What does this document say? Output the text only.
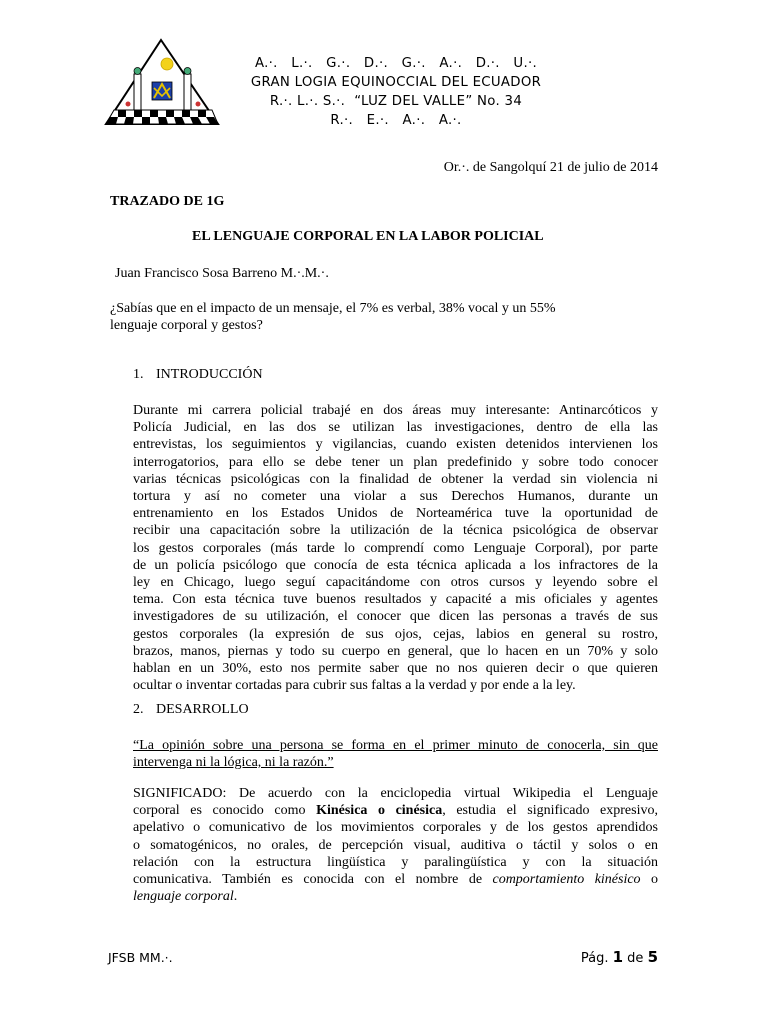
A.·.   L.·.   G.·.   D.·.   G.·.   A.·.   D.·.   U.·.
GRAN LOGIA EQUINOCCIAL DEL ECUADOR
R.·. L.·. S.·.  “LUZ DEL VALLE” No. 34
R.·.   E.·.   A.·.   A.·.
Or.·. de Sangolquí 21 de julio de 2014
TRAZADO DE 1G
EL LENGUAJE CORPORAL EN LA LABOR POLICIAL
Juan Francisco Sosa Barreno M.·.M.·.
¿Sabías que en el impacto de un mensaje, el 7% es verbal, 38% vocal y un 55%
lenguaje corporal y gestos?
1. INTRODUCCIÓN
Durante mi carrera policial trabajé en dos áreas muy interesante: Antinarcóticos y
Policía Judicial, en las dos se utilizan las investigaciones, dentro de ella las
entrevistas, los seguimientos y vigilancias, cuando existen detenidos intervienen los
interrogatorios, para ello se debe tener un plan predefinido y sobre todo conocer
varias técnicas psicológicas con la finalidad de obtener la verdad sin violencia ni
tortura y así no cometer una violar a sus Derechos Humanos, durante un
entrenamiento en los Estados Unidos de Norteamérica tuve la oportunidad de
recibir una capacitación sobre la utilización de la técnica psicológica de observar
los gestos corporales (más tarde lo comprendí como Lenguaje Corporal), por parte
de un policía psicólogo que conocía de esta técnica aplicada a los infractores de la
ley en Chicago, luego seguí capacitándome con otros cursos y leyendo sobre el
tema. Con esta técnica tuve buenos resultados y capacité a mis oficiales y agentes
investigadores de su utilización, el conocer que dicen las personas a través de sus
gestos corporales (la expresión de sus ojos, cejas, labios en general su rostro,
brazos, manos, piernas y todo su cuerpo en general, que lo hacen en un 70% y solo
hablan en un 30%, esto nos permite saber que no nos quieren decir o que quieren
ocultar o inventar cortadas para cubrir sus faltas a la verdad y por ende a la ley.
2. DESARROLLO
“La opinión sobre una persona se forma en el primer minuto de conocerla, sin que
intervenga ni la lógica, ni la razón.”
SIGNIFICADO: De acuerdo con la enciclopedia virtual Wikipedia el Lenguaje
corporal es conocido como Kinésica o cinésica, estudia el significado expresivo,
apelativo o comunicativo de los movimientos corporales y de los gestos aprendidos
o somatogénicos, no orales, de percepción visual, auditiva o táctil y solos o en
relación con la estructura lingüística y paralingüística y con la situación
comunicativa. También es conocida con el nombre de comportamiento kinésico o
lenguaje corporal.
JFSB MM.·.	Pág. 1 de 5
